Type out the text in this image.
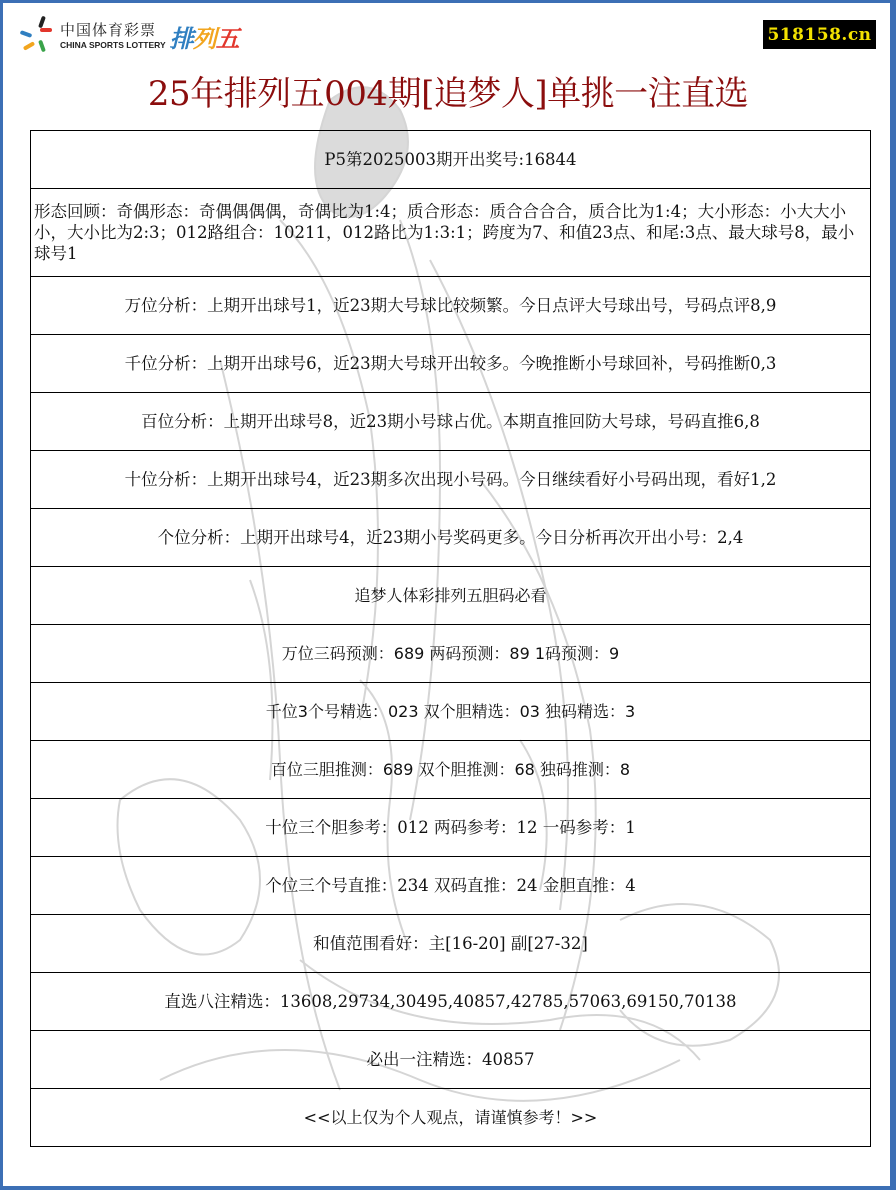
中国体育彩票
CHINA SPORTS LOTTERY 排列五	518158.cn
25年排列五004期[追梦人]单挑一注直选
P5第2025003期开出奖号:16844
形态回顾：奇偶形态：奇偶偶偶偶，奇偶比为1:4；质合形态：质合合合合，质合比为1:4；大小形态：小大大小小，大小比为2:3；012路组合：10211，012路比为1:3:1；跨度为7、和值23点、和尾:3点、最大球号8，最小球号1
万位分析：上期开出球号1，近23期大号球比较频繁。今日点评大号球出号，号码点评8,9
千位分析：上期开出球号6，近23期大号球开出较多。今晚推断小号球回补，号码推断0,3
百位分析：上期开出球号8，近23期小号球占优。本期直推回防大号球，号码直推6,8
十位分析：上期开出球号4，近23期多次出现小号码。今日继续看好小号码出现，看好1,2
个位分析：上期开出球号4，近23期小号奖码更多。今日分析再次开出小号：2,4
追梦人体彩排列五胆码必看
万位三码预测：689 两码预测：89 1码预测：9
千位3个号精选：023 双个胆精选：03 独码精选：3
百位三胆推测：689 双个胆推测：68 独码推测：8
十位三个胆参考：012 两码参考：12 一码参考：1
个位三个号直推：234 双码直推：24 金胆直推：4
和值范围看好：主[16-20] 副[27-32]
直选八注精选：13608,29734,30495,40857,42785,57063,69150,70138
必出一注精选：40857
<<以上仅为个人观点，请谨慎参考！>>
